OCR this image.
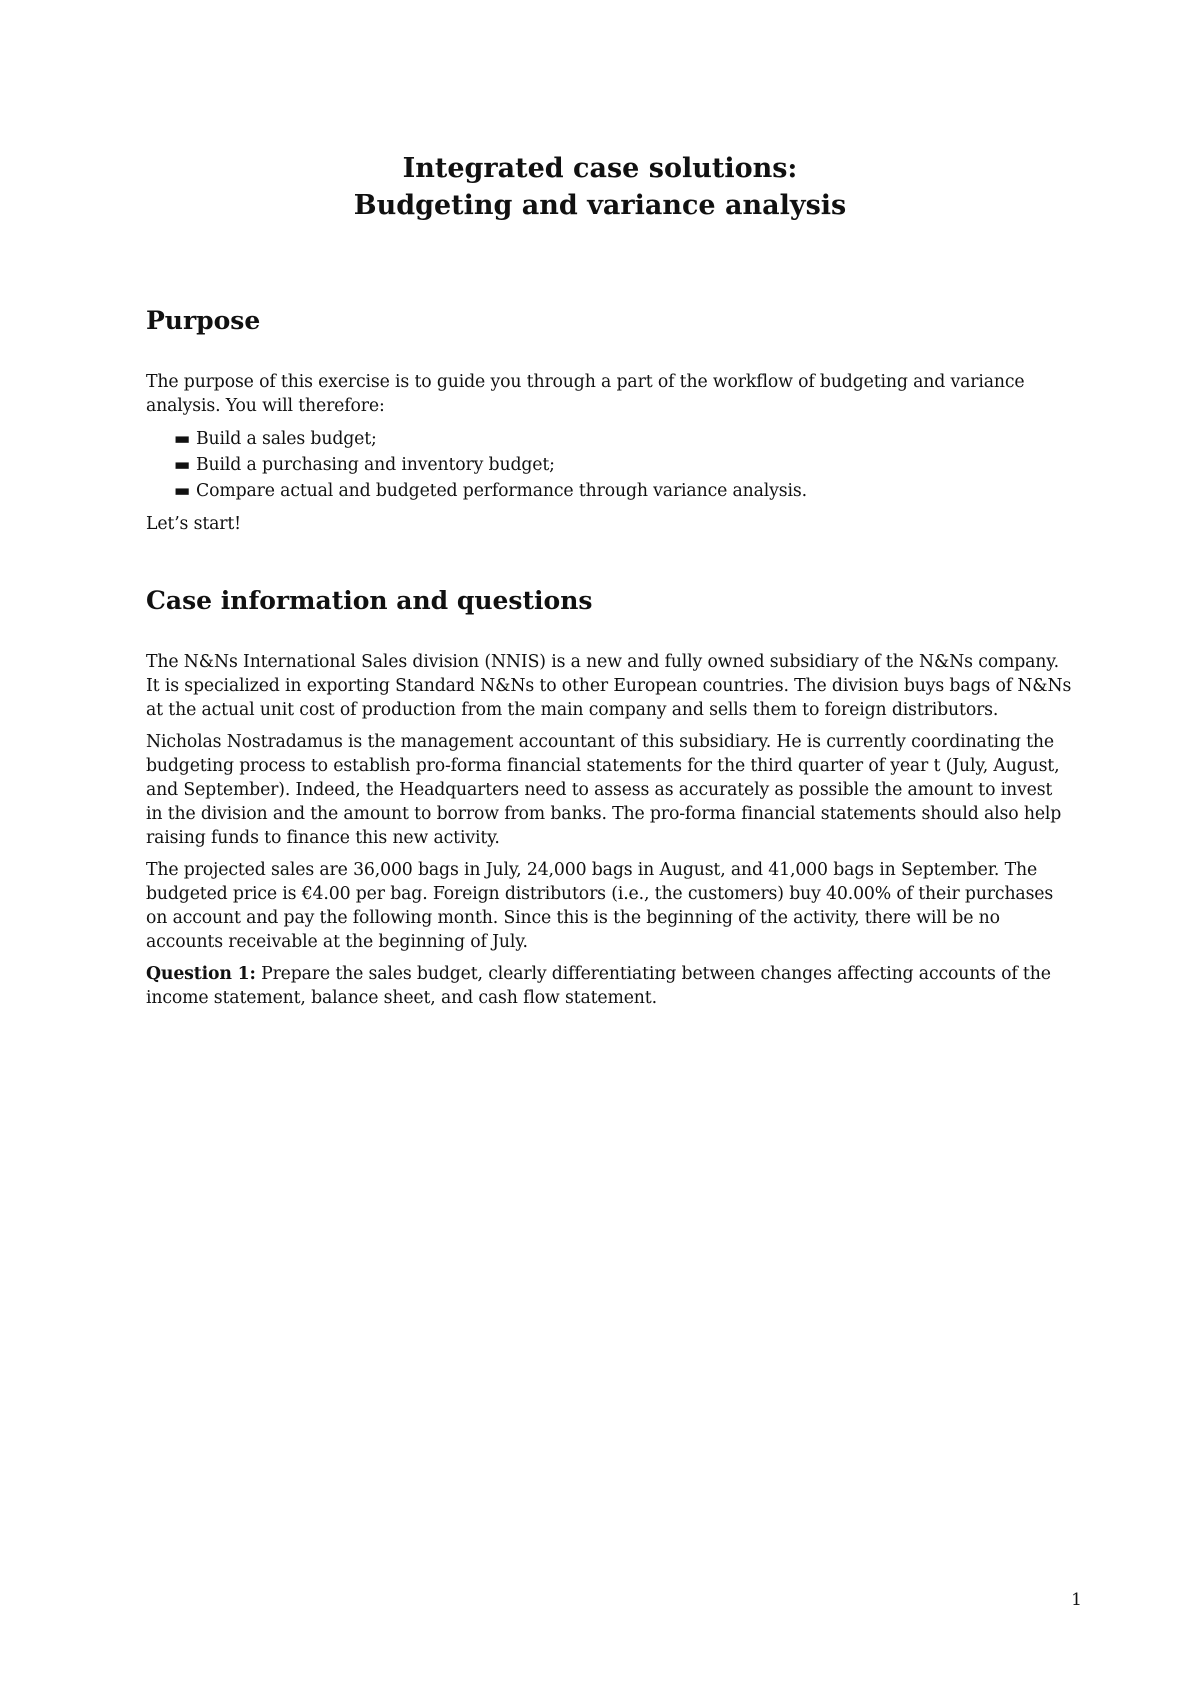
Integrated case solutions:
Budgeting and variance analysis
Purpose

The purpose of this exercise is to guide you through a part of the workflow of budgeting and variance analysis. You will therefore:

▬ Build a sales budget;
▬ Build a purchasing and inventory budget;
▬ Compare actual and budgeted performance through variance analysis.

Let’s start!

Case information and questions

The N&Ns International Sales division (NNIS) is a new and fully owned subsidiary of the N&Ns company. It is specialized in exporting Standard N&Ns to other European countries. The division buys bags of N&Ns at the actual unit cost of production from the main company and sells them to foreign distributors.

Nicholas Nostradamus is the management accountant of this subsidiary. He is currently coordinating the budgeting process to establish pro-forma financial statements for the third quarter of year t (July, August, and September). Indeed, the Headquarters need to assess as accurately as possible the amount to invest in the division and the amount to borrow from banks. The pro-forma financial statements should also help raising funds to finance this new activity.

The projected sales are 36,000 bags in July, 24,000 bags in August, and 41,000 bags in September. The budgeted price is €4.00 per bag. Foreign distributors (i.e., the customers) buy 40.00% of their purchases on account and pay the following month. Since this is the beginning of the activity, there will be no accounts receivable at the beginning of July.

Question 1: Prepare the sales budget, clearly differentiating between changes affecting accounts of the income statement, balance sheet, and cash flow statement.

1
